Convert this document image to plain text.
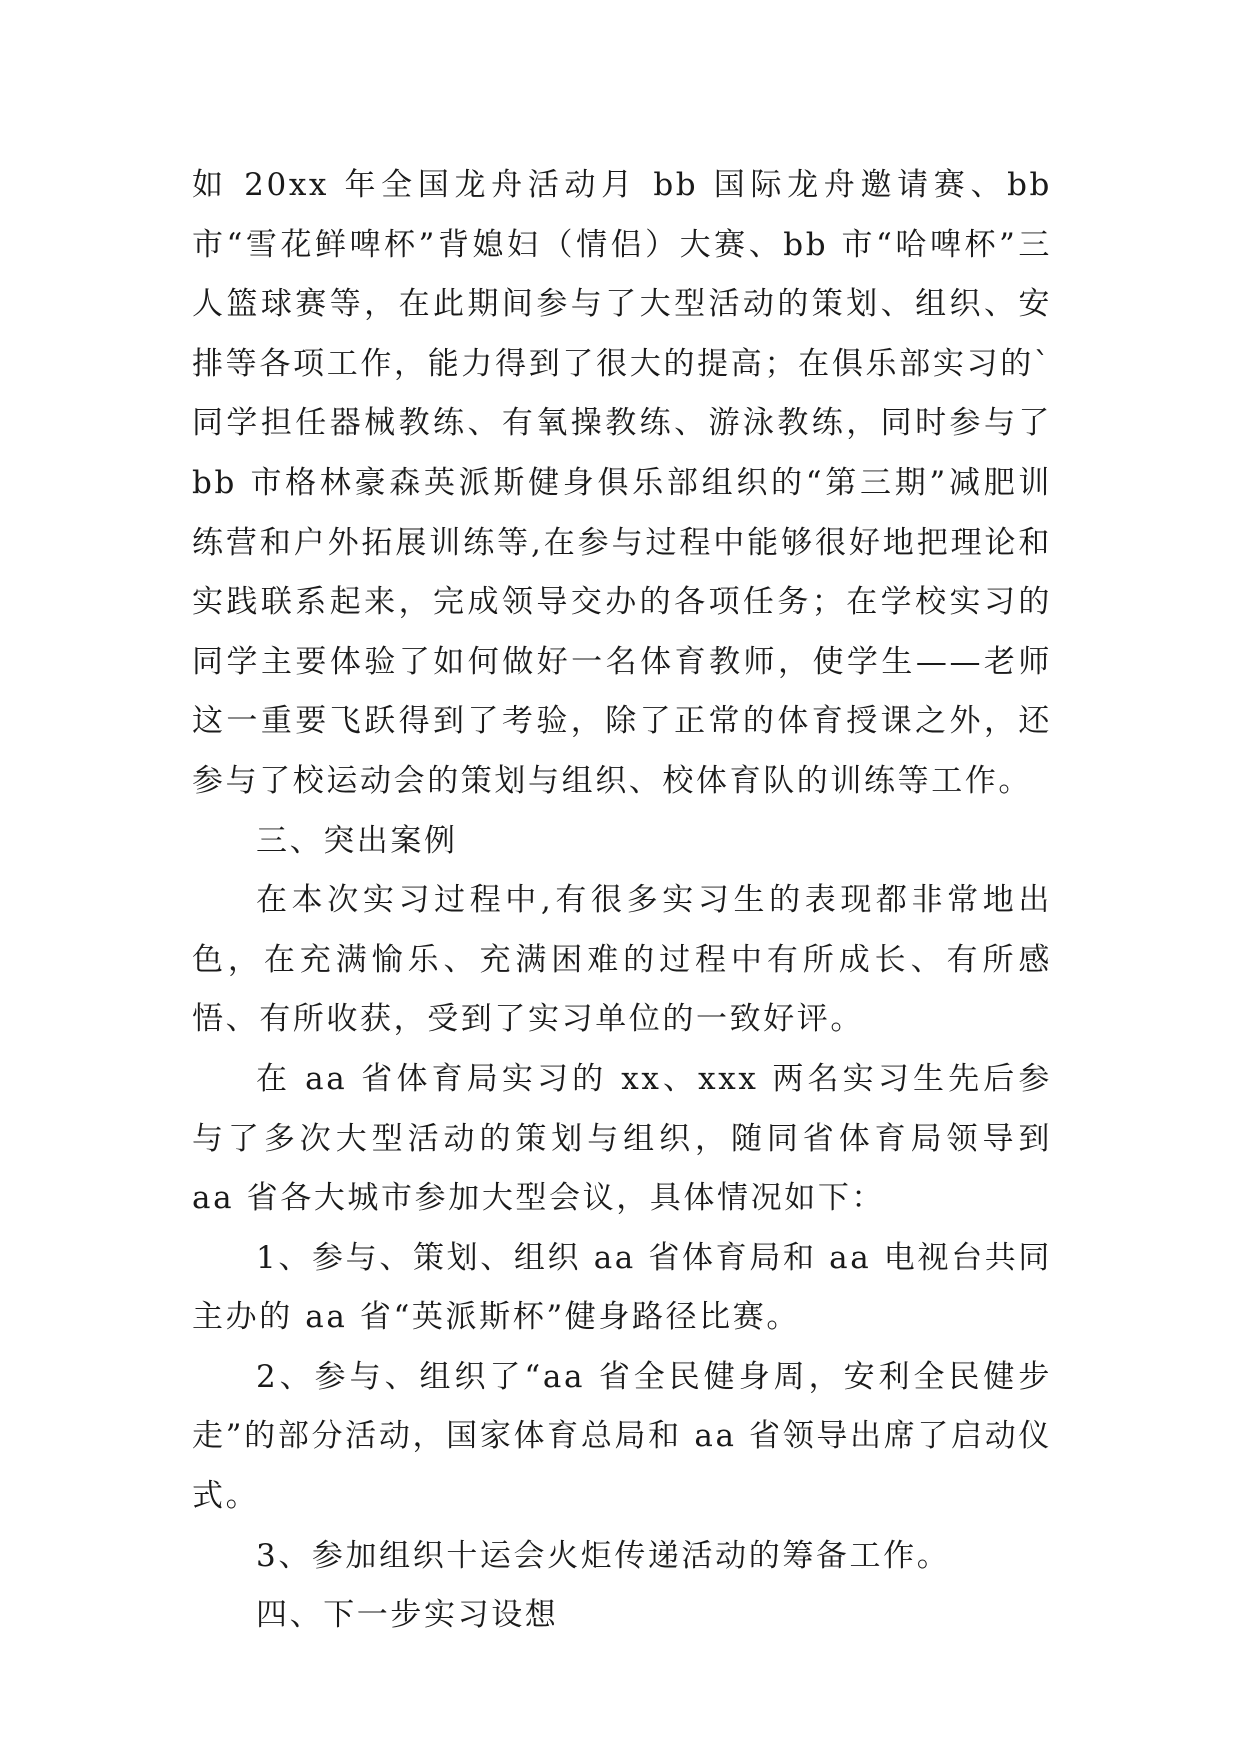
如 20xx 年全国龙舟活动月 bb 国际龙舟邀请赛、bb 市“雪花鲜啤杯”背媳妇（情侣）大赛、bb 市“哈啤杯”三人篮球赛等，在此期间参与了大型活动的策划、组织、安排等各项工作，能力得到了很大的提高；在俱乐部实习的`同学担任器械教练、有氧操教练、游泳教练，同时参与了 bb 市格林豪森英派斯健身俱乐部组织的“第三期”减肥训练营和户外拓展训练等,在参与过程中能够很好地把理论和实践联系起来，完成领导交办的各项任务；在学校实习的同学主要体验了如何做好一名体育教师，使学生——老师这一重要飞跃得到了考验，除了正常的体育授课之外，还参与了校运动会的策划与组织、校体育队的训练等工作。

三、突出案例

在本次实习过程中,有很多实习生的表现都非常地出色，在充满愉乐、充满困难的过程中有所成长、有所感悟、有所收获，受到了实习单位的一致好评。

在 aa 省体育局实习的 xx、xxx 两名实习生先后参与了多次大型活动的策划与组织，随同省体育局领导到 aa 省各大城市参加大型会议，具体情况如下：

1、参与、策划、组织 aa 省体育局和 aa 电视台共同主办的 aa 省“英派斯杯”健身路径比赛。

2、参与、组织了“aa 省全民健身周，安利全民健步走”的部分活动，国家体育总局和 aa 省领导出席了启动仪式。

3、参加组织十运会火炬传递活动的筹备工作。

四、下一步实习设想
